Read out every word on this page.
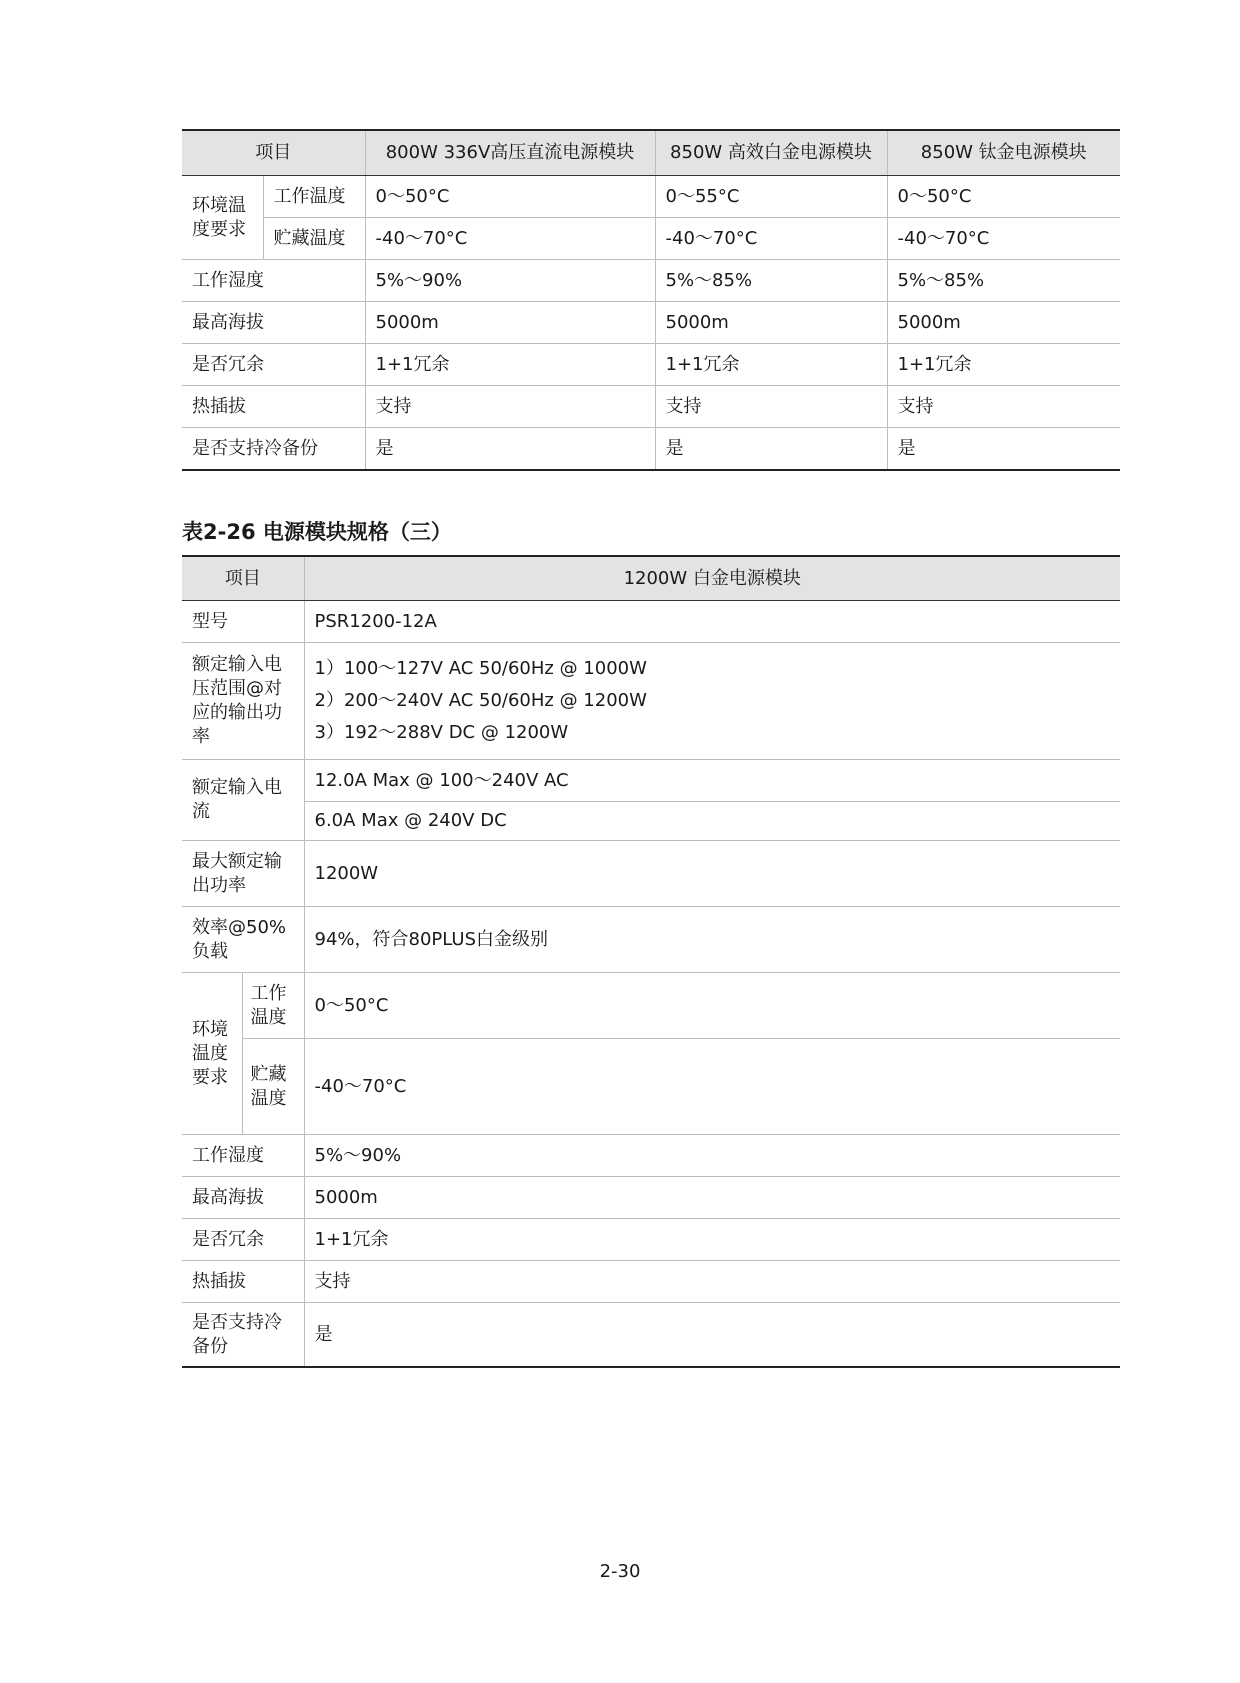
项目		800W 336V高压直流电源模块	850W 高效白金电源模块	850W 钛金电源模块
环境温度要求	工作温度	0～50°C	0～55°C	0～50°C
	贮藏温度	-40～70°C	-40～70°C	-40～70°C
工作湿度		5%～90%	5%～85%	5%～85%
最高海拔		5000m	5000m	5000m
是否冗余		1+1冗余	1+1冗余	1+1冗余
热插拔		支持	支持	支持
是否支持冷备份		是	是	是
表2-26 电源模块规格（三）
项目		1200W 白金电源模块
型号		PSR1200-12A
额定输入电压范围@对应的输出功率		1）100～127V AC 50/60Hz @ 1000W
2）200～240V AC 50/60Hz @ 1200W
3）192～288V DC @ 1200W

额定输入电流		12.0A Max @ 100～240V AC
		6.0A Max @ 240V DC
最大额定输出功率		1200W
效率@50%负载		94%，符合80PLUS白金级别
环境温度要求	工作温度	0～50°C
	贮藏温度	-40～70°C
工作湿度		5%～90%
最高海拔		5000m
是否冗余		1+1冗余
热插拔		支持
是否支持冷备份		是
2-30
